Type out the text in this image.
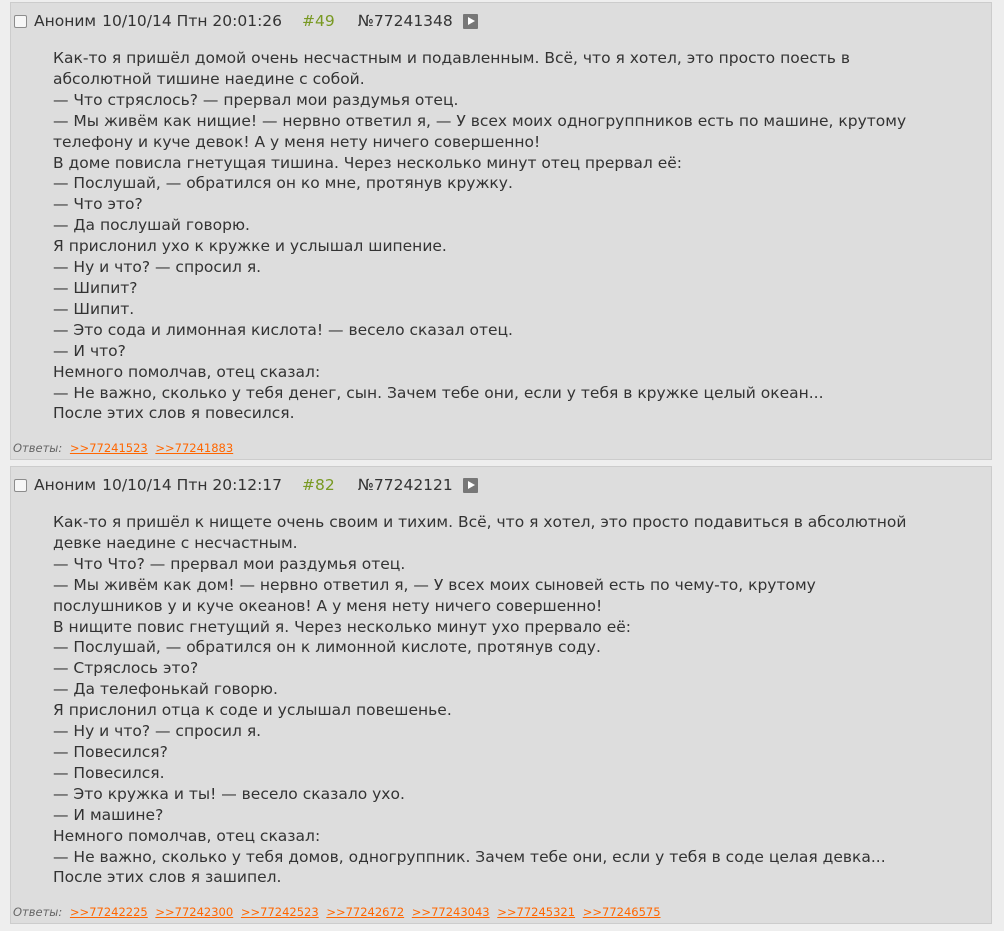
Аноним 10/10/14 Птн 20:01:26 #49 №77241348
Как-то я пришёл домой очень несчастным и подавленным. Всё, что я хотел, это просто поесть в
абсолютной тишине наедине с собой.
— Что стряслось? — прервал мои раздумья отец.
— Мы живём как нищие! — нервно ответил я, — У всех моих одногруппников есть по машине, крутому
телефону и куче девок! А у меня нету ничего совершенно!
В доме повисла гнетущая тишина. Через несколько минут отец прервал её:
— Послушай, — обратился он ко мне, протянув кружку.
— Что это?
— Да послушай говорю.
Я прислонил ухо к кружке и услышал шипение.
— Ну и что? — спросил я.
— Шипит?
— Шипит.
— Это сода и лимонная кислота! — весело сказал отец.
— И что?
Немного помолчав, отец сказал:
— Не важно, сколько у тебя денег, сын. Зачем тебе они, если у тебя в кружке целый океан...
После этих слов я повесился.
Ответы: >>77241523 >>77241883
Аноним 10/10/14 Птн 20:12:17 #82 №77242121
Как-то я пришёл к нищете очень своим и тихим. Всё, что я хотел, это просто подавиться в абсолютной
девке наедине с несчастным.
— Что Что? — прервал мои раздумья отец.
— Мы живём как дом! — нервно ответил я, — У всех моих сыновей есть по чему-то, крутому
послушников у и куче океанов! А у меня нету ничего совершенно!
В нищите повис гнетущий я. Через несколько минут ухо прервало её:
— Послушай, — обратился он к лимонной кислоте, протянув соду.
— Стряслось это?
— Да телефонькай говорю.
Я прислонил отца к соде и услышал повешенье.
— Ну и что? — спросил я.
— Повесился?
— Повесился.
— Это кружка и ты! — весело сказало ухо.
— И машине?
Немного помолчав, отец сказал:
— Не важно, сколько у тебя домов, одногруппник. Зачем тебе они, если у тебя в соде целая девка...
После этих слов я зашипел.
Ответы: >>77242225 >>77242300 >>77242523 >>77242672 >>77243043 >>77245321 >>77246575
